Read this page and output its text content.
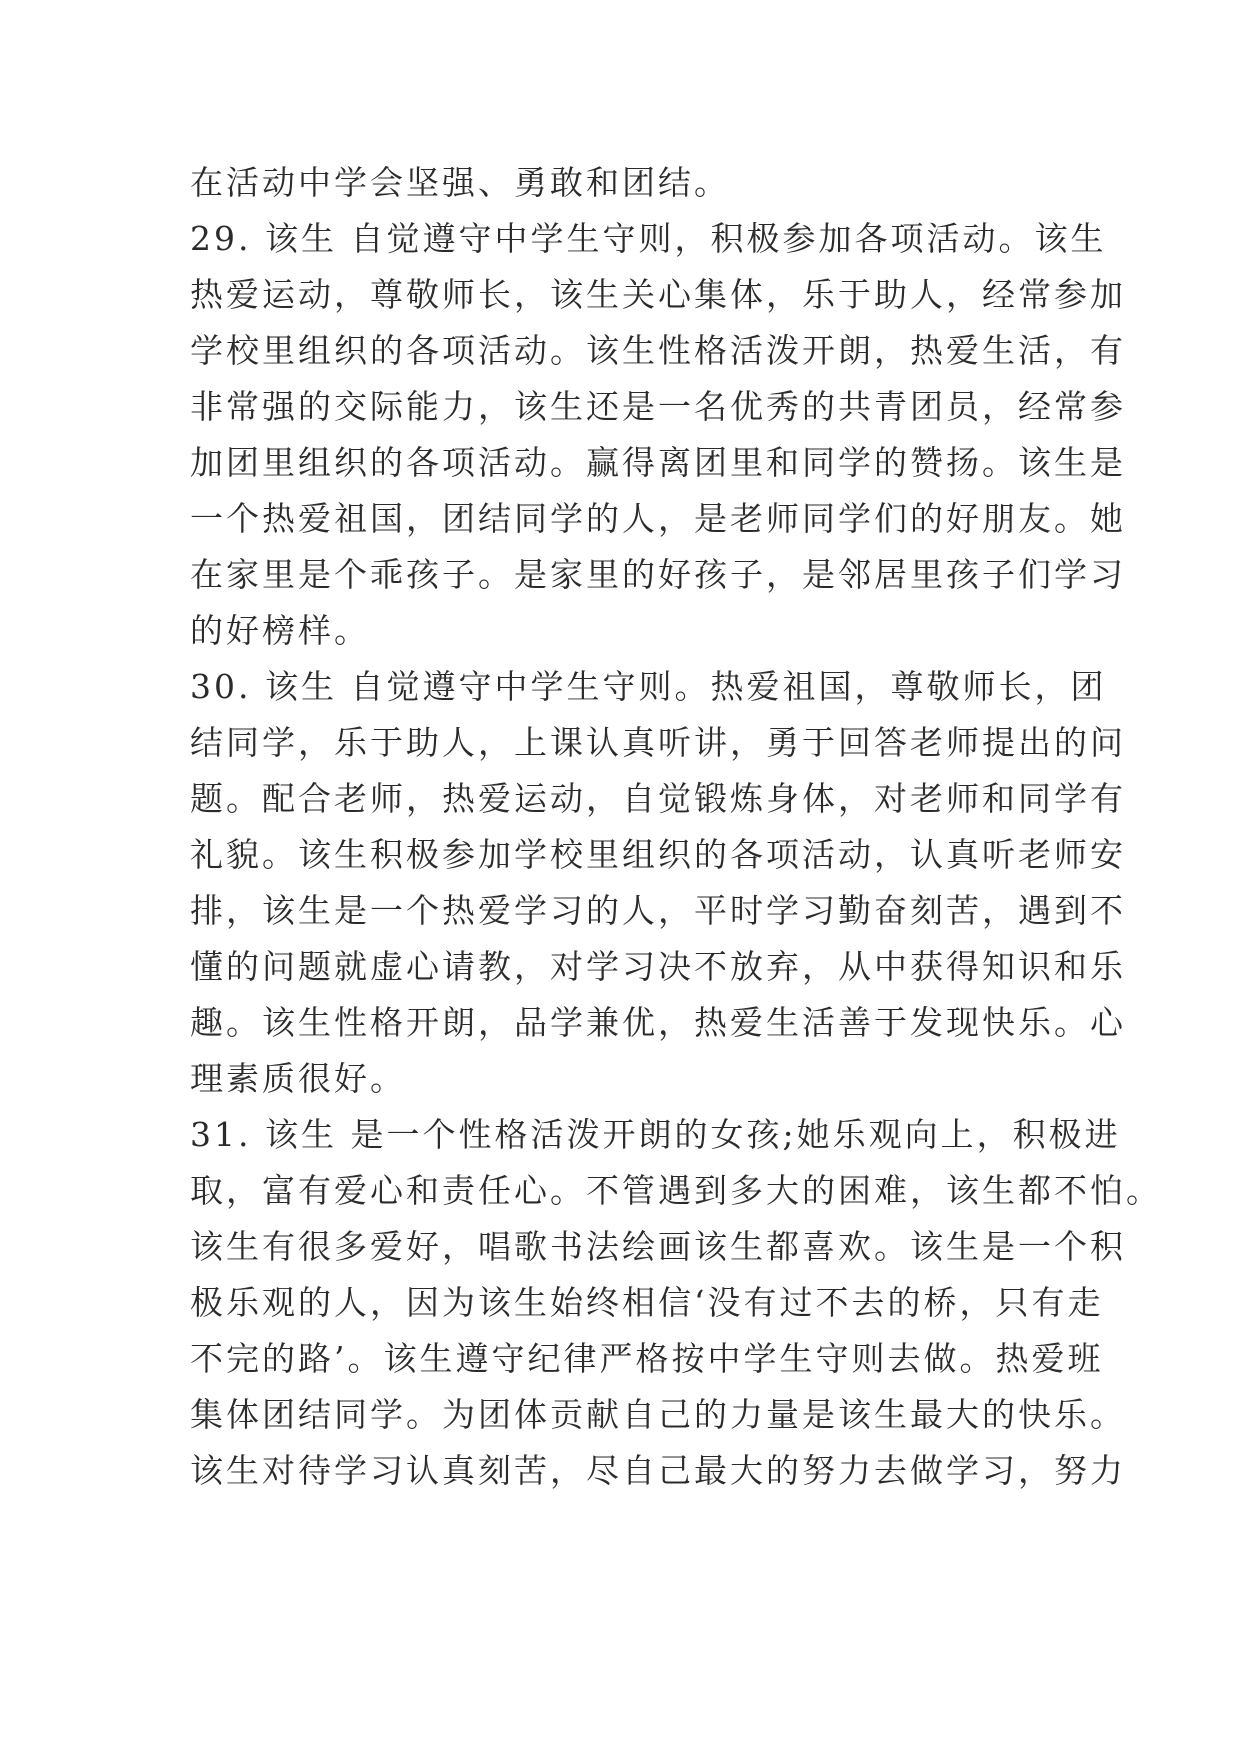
在活动中学会坚强、勇敢和团结。
29. 该生 自觉遵守中学生守则，积极参加各项活动。该生
热爱运动，尊敬师长，该生关心集体，乐于助人，经常参加
学校里组织的各项活动。该生性格活泼开朗，热爱生活，有
非常强的交际能力，该生还是一名优秀的共青团员，经常参
加团里组织的各项活动。赢得离团里和同学的赞扬。该生是
一个热爱祖国，团结同学的人，是老师同学们的好朋友。她
在家里是个乖孩子。是家里的好孩子，是邻居里孩子们学习
的好榜样。
30. 该生 自觉遵守中学生守则。热爱祖国，尊敬师长，团
结同学，乐于助人，上课认真听讲，勇于回答老师提出的问
题。配合老师，热爱运动，自觉锻炼身体，对老师和同学有
礼貌。该生积极参加学校里组织的各项活动，认真听老师安
排，该生是一个热爱学习的人，平时学习勤奋刻苦，遇到不
懂的问题就虚心请教，对学习决不放弃，从中获得知识和乐
趣。该生性格开朗，品学兼优，热爱生活善于发现快乐。心
理素质很好。
31. 该生 是一个性格活泼开朗的女孩;她乐观向上，积极进
取，富有爱心和责任心。不管遇到多大的困难，该生都不怕。
该生有很多爱好，唱歌书法绘画该生都喜欢。该生是一个积
极乐观的人，因为该生始终相信‘没有过不去的桥，只有走
不完的路’。该生遵守纪律严格按中学生守则去做。热爱班
集体团结同学。为团体贡献自己的力量是该生最大的快乐。
该生对待学习认真刻苦，尽自己最大的努力去做学习，努力
